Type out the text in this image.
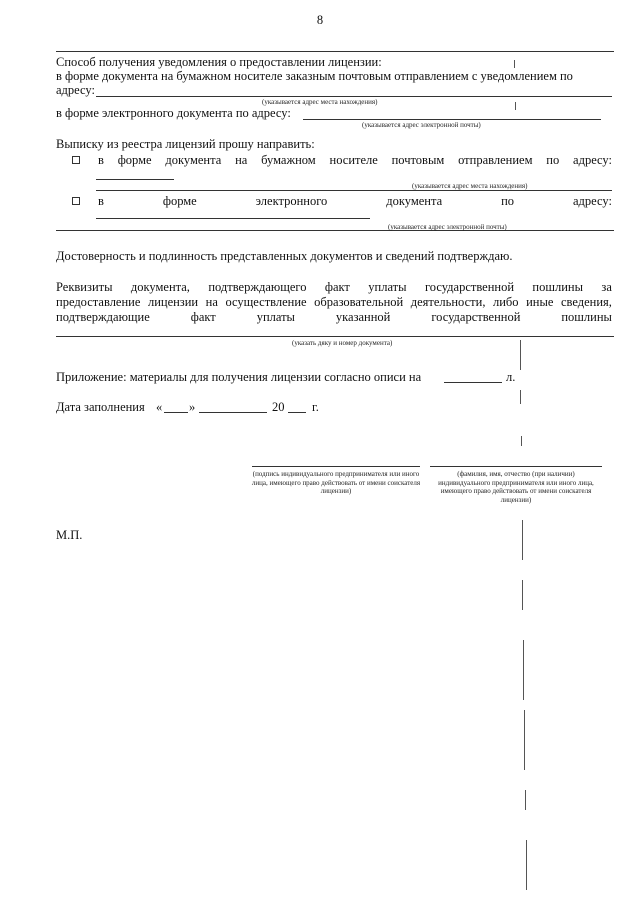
8
Способ получения уведомления о предоставлении лицензии:
в форме документа на бумажном носителе заказным почтовым отправлением с уведомлением по
адресу:
(указывается адрес места нахождения)
в форме электронного документа по адресу:
(указывается адрес электронной почты)
Выписку из реестра лицензий прошу направить:
в форме документа на бумажном носителе почтовым отправлением по адресу:
(указывается адрес места нахождения)
в	форме	электронного	документа	по	адресу:
(указывается адрес электронной почты)
Достоверность и подлинность представленных документов и сведений подтверждаю.
Реквизиты документа, подтверждающего факт уплаты государственной пошлины за
предоставление лицензии на осуществление образовательной деятельности, либо иные сведения,
подтверждающие	факт	уплаты	указанной	государственной	пошлины
(указать дяку и номер документа)
Приложение: материалы для получения лицензии согласно описи на	л.
Дата заполнения « »	20 г.
(подпись индивидуального предпринимателя или иного лица, имеющего право действовать от имени соискателя лицензии)
(фамилия, имя, отчество (при наличии) индивидуального предпринимателя или иного лица, имеющего право действовать от имени соискателя лицензии)
М.П.
